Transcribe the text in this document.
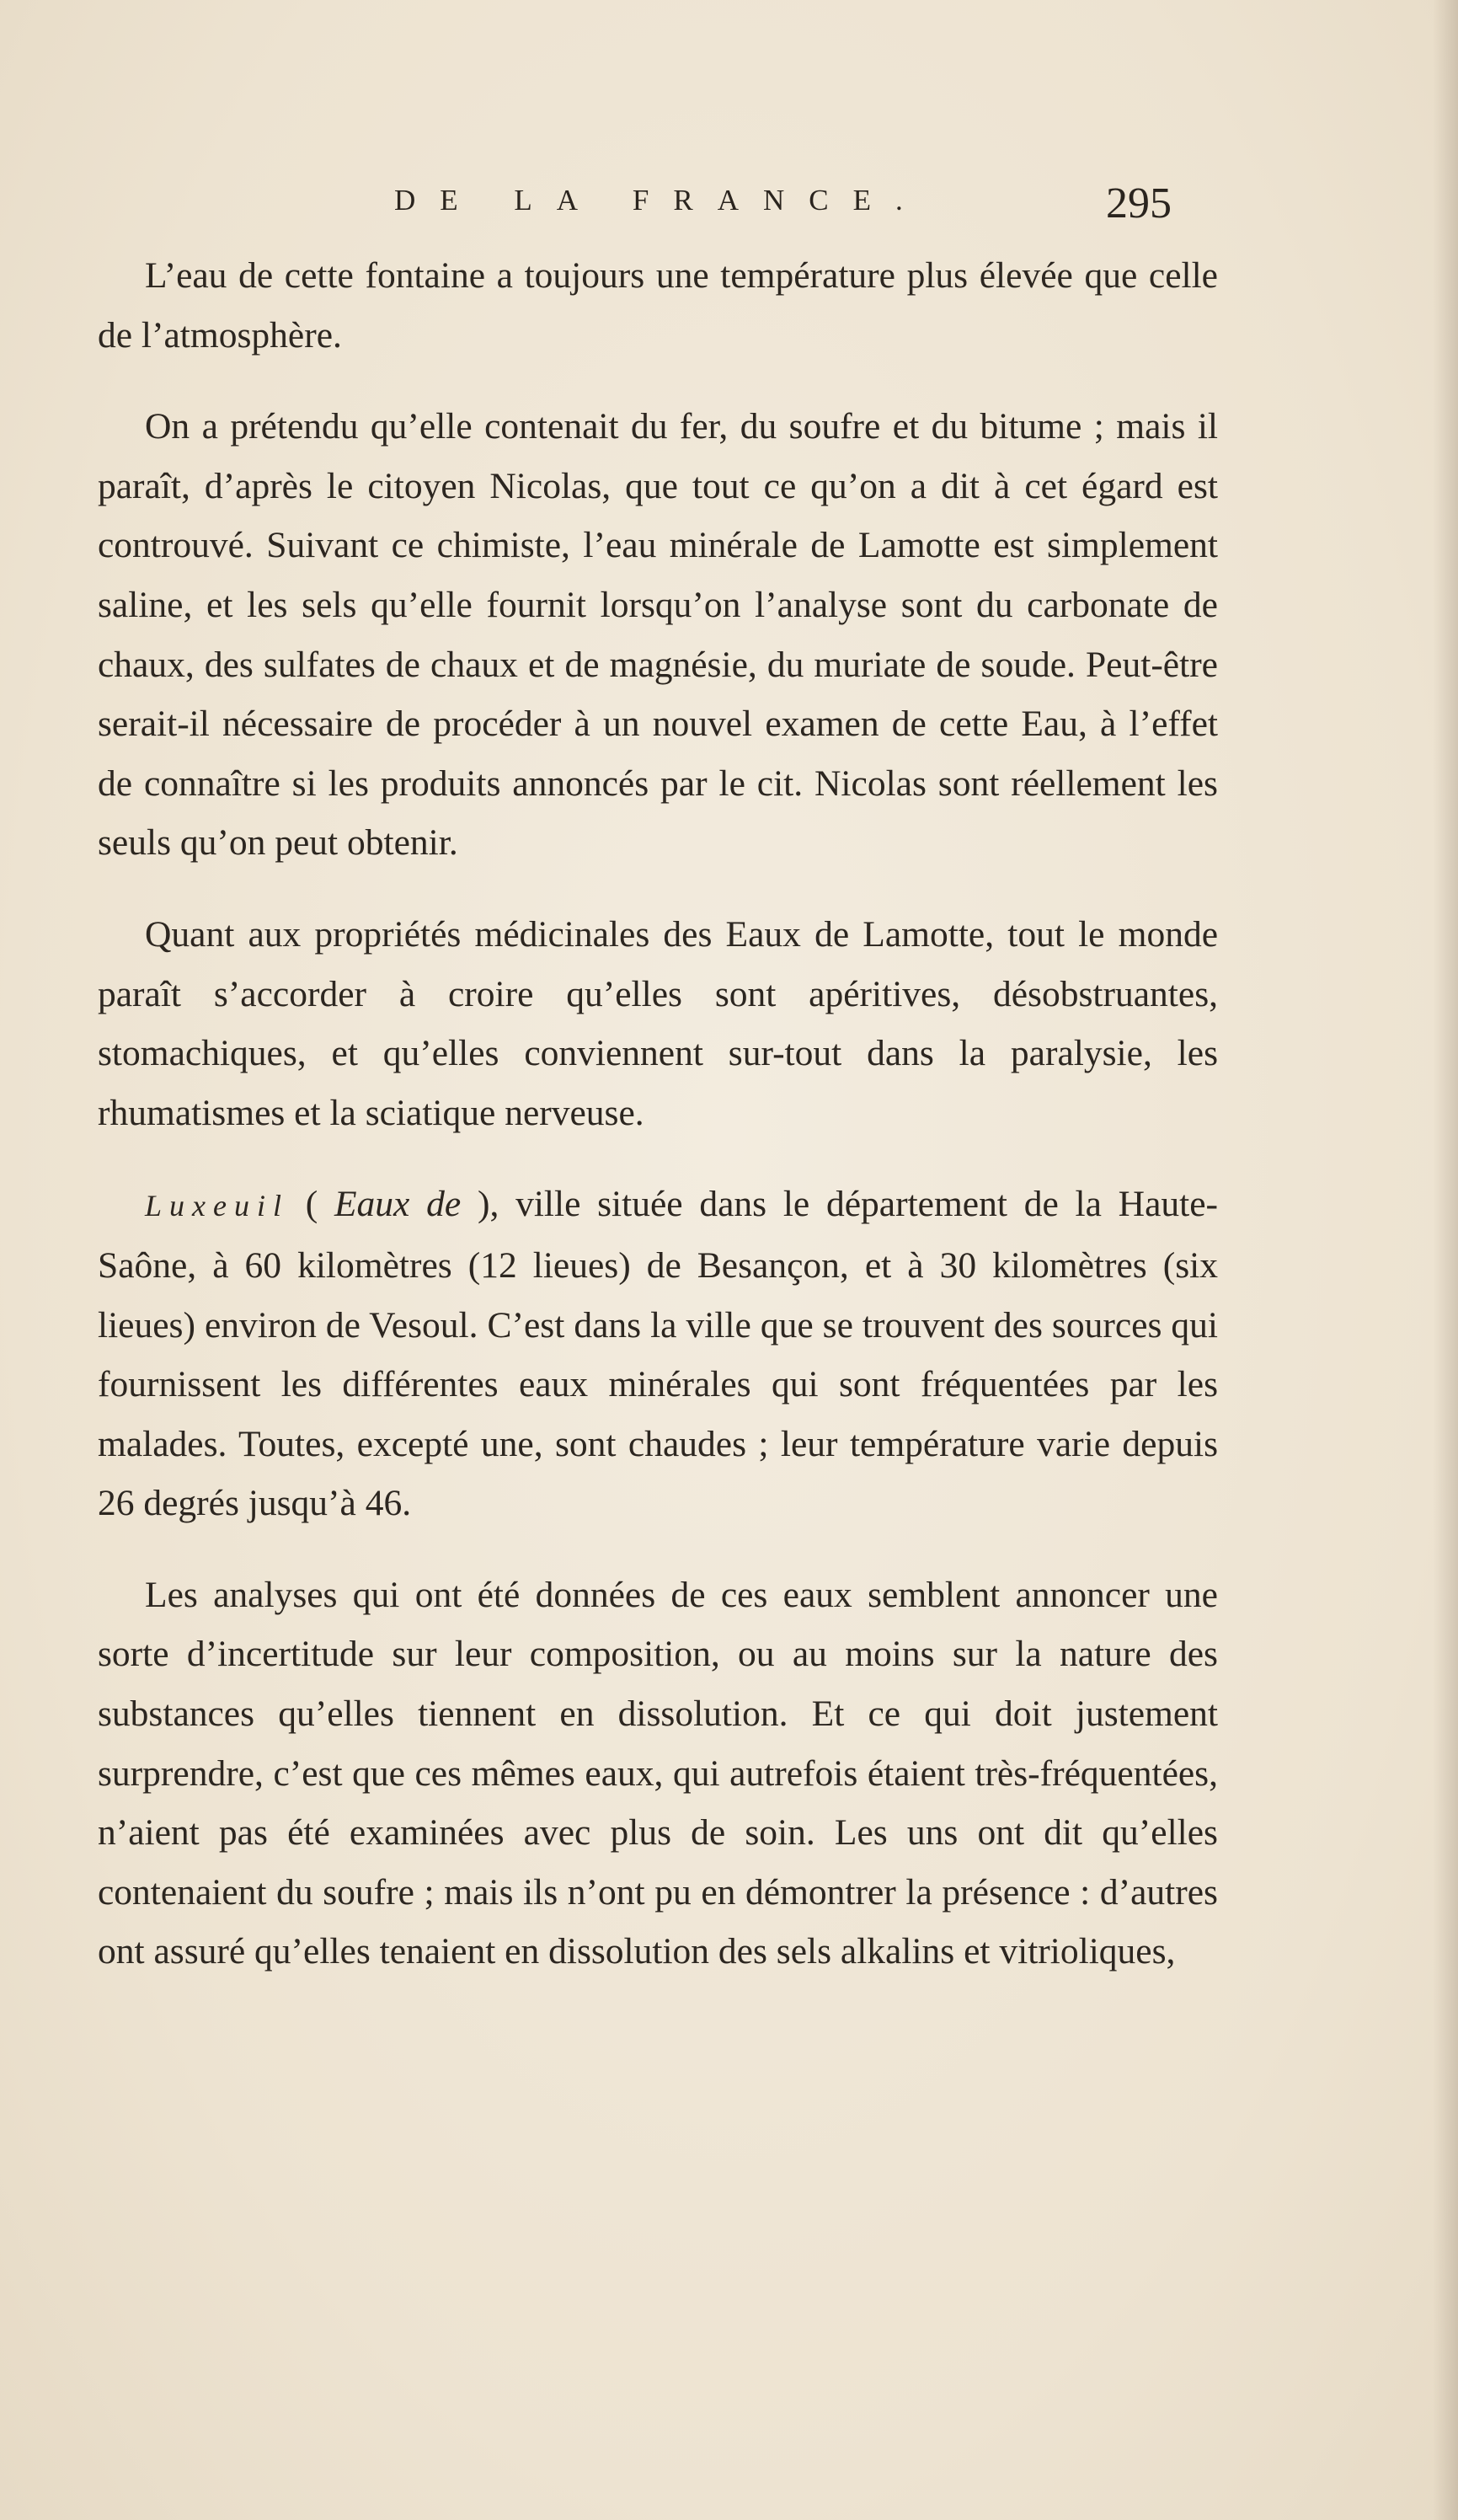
DE LA FRANCE.	295

L’eau de cette fontaine a toujours une température plus élevée que celle de l’atmosphère.

On a prétendu qu’elle contenait du fer, du soufre et du bitume ; mais il paraît, d’après le citoyen Nicolas, que tout ce qu’on a dit à cet égard est controuvé. Suivant ce chimiste, l’eau minérale de Lamotte est simplement saline, et les sels qu’elle fournit lorsqu’on l’analyse sont du carbonate de chaux, des sulfates de chaux et de magnésie, du muriate de soude. Peut-être serait-il nécessaire de procéder à un nouvel examen de cette Eau, à l’effet de connaître si les produits annoncés par le cit. Nicolas sont réellement les seuls qu’on peut obtenir.

Quant aux propriétés médicinales des Eaux de Lamotte, tout le monde paraît s’accorder à croire qu’elles sont apéritives, désobstruantes, stomachiques, et qu’elles conviennent sur-tout dans la paralysie, les rhumatismes et la sciatique nerveuse.

Luxeuil ( Eaux de ), ville située dans le département de la Haute-Saône, à 60 kilomètres (12 lieues) de Besançon, et à 30 kilomètres (six lieues) environ de Vesoul. C’est dans la ville que se trouvent des sources qui fournissent les différentes eaux minérales qui sont fréquentées par les malades. Toutes, excepté une, sont chaudes ; leur température varie depuis 26 degrés jusqu’à 46.

Les analyses qui ont été données de ces eaux semblent annoncer une sorte d’incertitude sur leur composition, ou au moins sur la nature des substances qu’elles tiennent en dissolution. Et ce qui doit justement surprendre, c’est que ces mêmes eaux, qui autrefois étaient très-fréquentées, n’aient pas été examinées avec plus de soin. Les uns ont dit qu’elles contenaient du soufre ; mais ils n’ont pu en démontrer la présence : d’autres ont assuré qu’elles tenaient en dissolution des sels alkalins et vitrioliques,
